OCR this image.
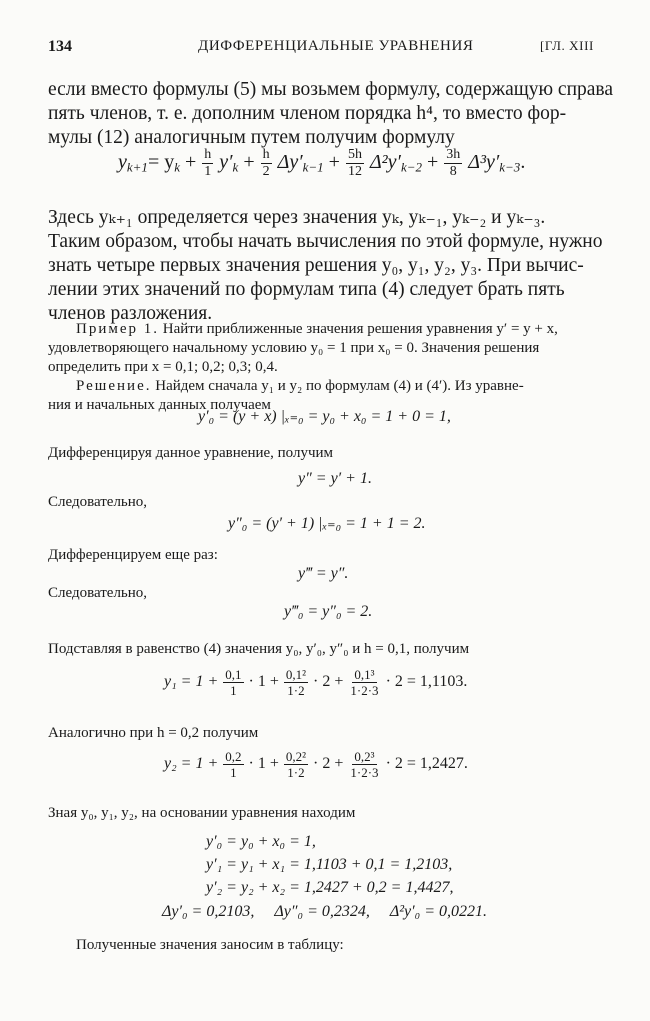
134	ДИФФЕРЕНЦИАЛЬНЫЕ УРАВНЕНИЯ	[ГЛ. XIII
если вместо формулы (5) мы возьмем формулу, содержащую справа
пять членов, т. е. дополним членом порядка h⁴, то вместо фор-
мулы (12) аналогичным путем получим формулу
$y_{k+1}= y_k + \frac{h}{1} y'_k + \frac{h}{2} \Delta y'_{k-1} + \frac{5h}{12} \Delta^2y'_{k-2} + \frac{3h}{8} \Delta^3y'_{k-3}$.
Здесь yₖ₊₁ определяется через значения yₖ, yₖ₋₁, yₖ₋₂ и yₖ₋₃.
Таким образом, чтобы начать вычисления по этой формуле, нужно
знать четыре первых значения решения y₀, y₁, y₂, y₃. При вычис-
лении этих значений по формулам типа (4) следует брать пять
членов разложения.
Пример 1. Найти приближенные значения решения уравнения y′ = y + x,
удовлетворяющего начальному условию y₀ = 1 при x₀ = 0. Значения решения
определить при x = 0,1; 0,2; 0,3; 0,4.
Решение. Найдем сначала y₁ и y₂ по формулам (4) и (4′). Из уравне-
ния и начальных данных получаем
y′₀ = (y + x) |ₓ₌₀ = y₀ + x₀ = 1 + 0 = 1,
Дифференцируя данное уравнение, получим
y″ = y′ + 1.
Следовательно,
y″₀ = (y′ + 1) |ₓ₌₀ = 1 + 1 = 2.
Дифференцируем еще раз:
y‴ = y″.
Следовательно,
y‴₀ = y″₀ = 2.
Подставляя в равенство (4) значения y₀, y′₀, y″₀ и h = 0,1, получим
$y_1 = 1 + \frac{0,1}{1} \cdot 1 + \frac{\text{0,1²}}{1\cdot 2} \cdot 2 + \frac{\text{0,1³}}{1\cdot 2\cdot 3} \cdot 2 = 1,1103$.
Аналогично при h = 0,2 получим
$y_2 = 1 + \frac{0,2}{1} \cdot 1 + \frac{\text{0,2²}}{1\cdot 2} \cdot 2 + \frac{\text{0,2³}}{1\cdot 2\cdot 3} \cdot 2 = 1,2427$.
Зная y₀, y₁, y₂, на основании уравнения находим
y′₀ = y₀ + x₀ = 1,
y′₁ = y₁ + x₁ = 1,1103 + 0,1 = 1,2103,
y′₂ = y₂ + x₂ = 1,2427 + 0,2 = 1,4427,
Δy′₀ = 0,2103,     Δy″₀ = 0,2324,     Δ²y′₀ = 0,0221.
Полученные значения заносим в таблицу:
